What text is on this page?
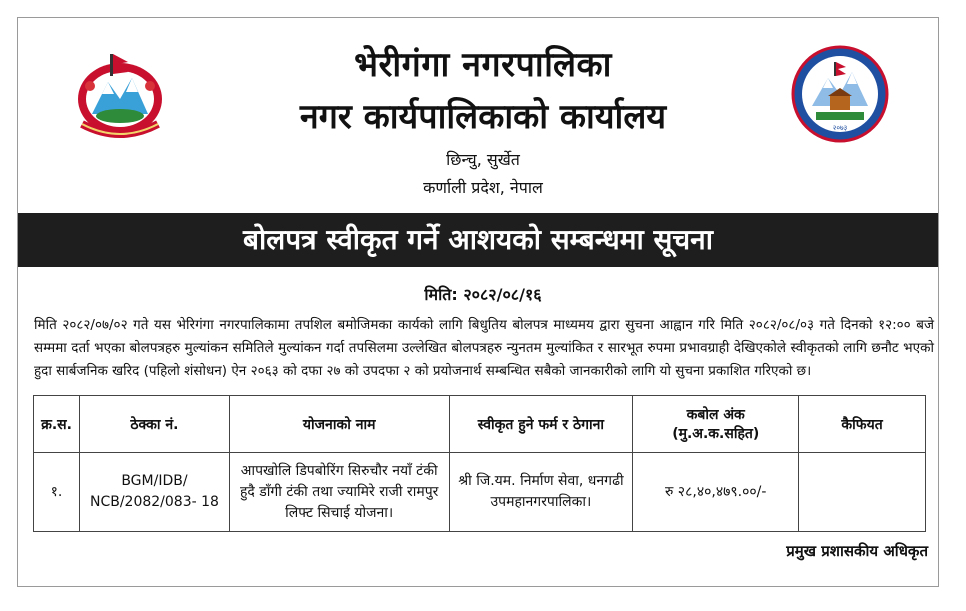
२०७३
भेरीगंगा नगरपालिका
नगर कार्यपालिकाको कार्यालय
छिन्चु, सुर्खेत
कर्णाली प्रदेश, नेपाल
बोलपत्र स्वीकृत गर्ने आशयको सम्बन्धमा सूचना
मिति: २०८२/०८/१६
मिति २०८२/०७/०२ गते यस भेरिगंगा नगरपालिकामा तपशिल बमोजिमका कार्यको लागि बिधुतिय बोलपत्र माध्यमय द्वारा सुचना आह्वान गरि मिति २०८२/०८/०३ गते दिनको १२:०० बजे सम्ममा दर्ता भएका बोलपत्रहरु मुल्यांकन समितिले मुल्यांकन गर्दा तपसिलमा उल्लेखित बोलपत्रहरु न्युनतम मुल्यांकित र सारभूत रुपमा प्रभावग्राही देखिएकोले स्वीकृतको लागि छनौट भएको हुदा सार्बजनिक खरिद (पहिलो शंसोधन) ऐन २०६३ को दफा २७ को उपदफा २ को प्रयोजनार्थ सम्बन्धित सबैको जानकारीको लागि यो सुचना प्रकाशित गरिएको छ।
क्र.स.	ठेक्का नं.	योजनाको नाम	स्वीकृत हुने फर्म र ठेगाना	कबोल अंक
(मु.अ.क.सहित)	कैफियत
१.	BGM/IDB/
NCB/2082/083- 18	आपखोलि डिपबोरिंग सिरुचौर नयाँ टंकी हुदै डाँगी टंकी तथा ज्यामिरे राजी रामपुर लिफ्ट सिचाई योजना।	श्री जि.यम. निर्माण सेवा, धनगढी उपमहानगरपालिका।	रु २८,४०,४७९.००/-	
प्रमुख प्रशासकीय अधिकृत
